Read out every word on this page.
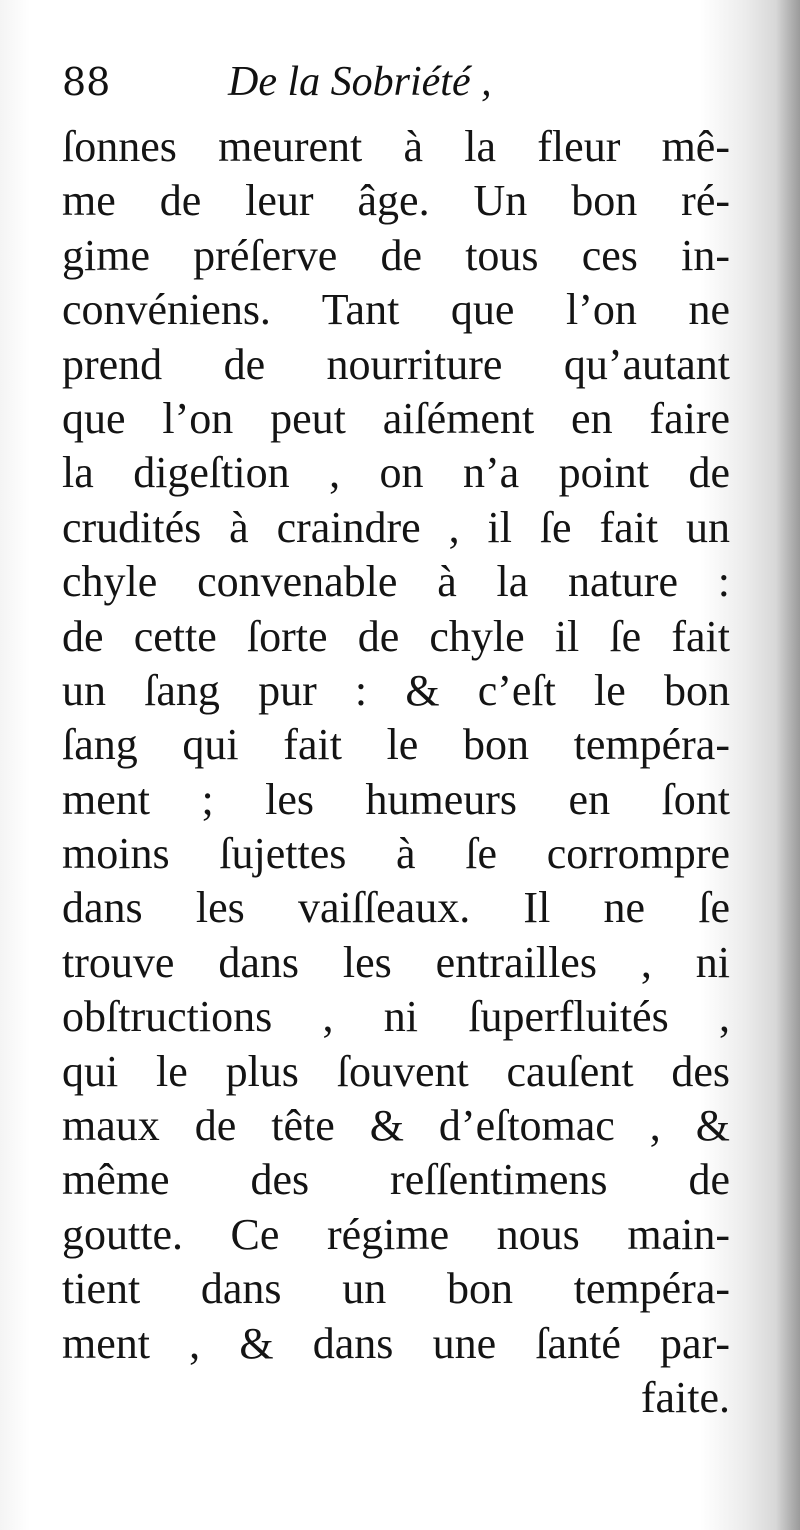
88	De la Sobriété ,
ſonnes meurent à la fleur mê-
me de leur âge. Un bon ré-
gime préſerve de tous ces in-
convéniens. Tant que l’on ne
prend de nourriture qu’autant
que l’on peut aiſément en faire
la digeſtion , on n’a point de
crudités à craindre , il ſe fait un
chyle convenable à la nature :
de cette ſorte de chyle il ſe fait
un ſang pur : & c’eſt le bon
ſang qui fait le bon tempéra-
ment ; les humeurs en ſont
moins ſujettes à ſe corrompre
dans les vaiſſeaux. Il ne ſe
trouve dans les entrailles , ni
obſtructions , ni ſuperfluités ,
qui le plus ſouvent cauſent des
maux de tête & d’eſtomac , &
même des reſſentimens de
goutte. Ce régime nous main-
tient dans un bon tempéra-
ment , & dans une ſanté par-
faite.
